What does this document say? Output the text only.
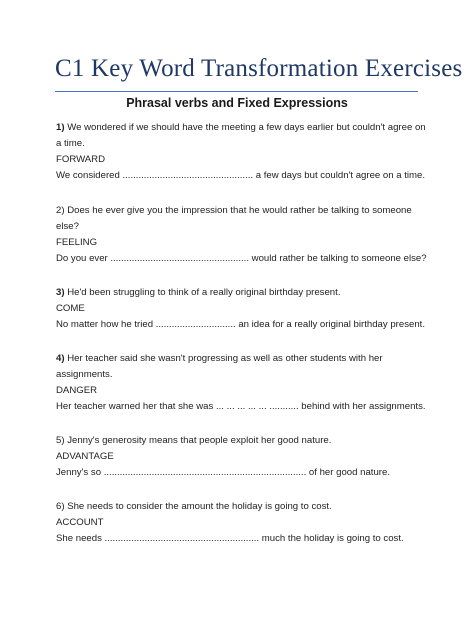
C1 Key Word Transformation Exercises
Phrasal verbs and Fixed Expressions
1) We wondered if we should have the meeting a few days earlier but couldn't agree on
a time.
FORWARD
We considered ................................................. a few days but couldn't agree on a time.
2) Does he ever give you the impression that he would rather be talking to someone
else?
FEELING
Do you ever .................................................... would rather be talking to someone else?
3) He'd been struggling to think of a really original birthday present.
COME
No matter how he tried .............................. an idea for a really original birthday present.
4) Her teacher said she wasn't progressing as well as other students with her
assignments.
DANGER
Her teacher warned her that she was ... ... ... ... ... ........... behind with her assignments.
5) Jenny's generosity means that people exploit her good nature.
ADVANTAGE
Jenny's so ............................................................................ of her good nature.
6) She needs to consider the amount the holiday is going to cost.
ACCOUNT
She needs .......................................................... much the holiday is going to cost.
